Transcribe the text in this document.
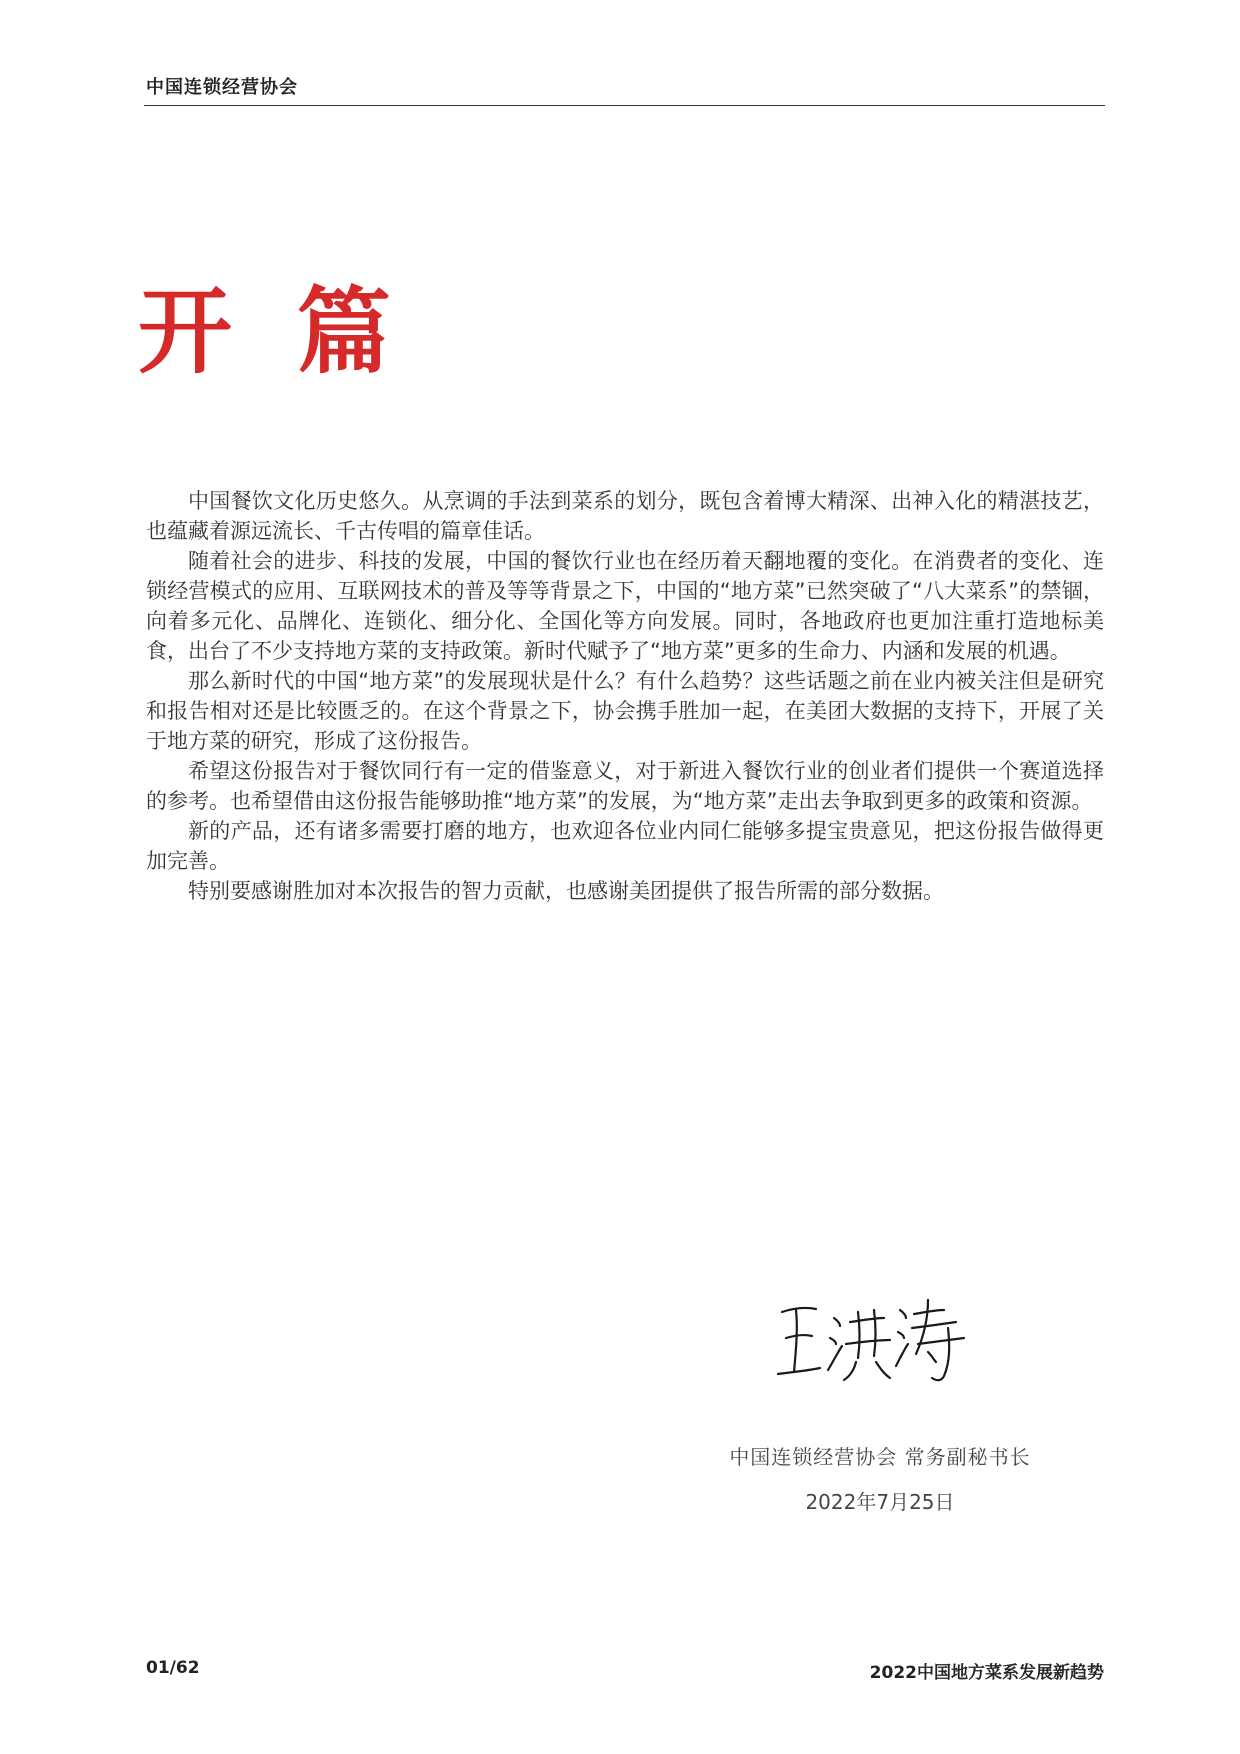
中国连锁经营协会
开 篇

中国餐饮文化历史悠久。从烹调的手法到菜系的划分，既包含着博大精深、出神入化的精湛技艺，也蕴藏着源远流长、千古传唱的篇章佳话。

随着社会的进步、科技的发展，中国的餐饮行业也在经历着天翻地覆的变化。在消费者的变化、连锁经营模式的应用、互联网技术的普及等等背景之下，中国的“地方菜”已然突破了“八大菜系”的禁锢，向着多元化、品牌化、连锁化、细分化、全国化等方向发展。同时，各地政府也更加注重打造地标美食，出台了不少支持地方菜的支持政策。新时代赋予了“地方菜”更多的生命力、内涵和发展的机遇。

那么新时代的中国“地方菜”的发展现状是什么？有什么趋势？这些话题之前在业内被关注但是研究和报告相对还是比较匮乏的。在这个背景之下，协会携手胜加一起，在美团大数据的支持下，开展了关于地方菜的研究，形成了这份报告。

希望这份报告对于餐饮同行有一定的借鉴意义，对于新进入餐饮行业的创业者们提供一个赛道选择的参考。也希望借由这份报告能够助推“地方菜”的发展，为“地方菜”走出去争取到更多的政策和资源。

新的产品，还有诸多需要打磨的地方，也欢迎各位业内同仁能够多提宝贵意见，把这份报告做得更加完善。

特别要感谢胜加对本次报告的智力贡献，也感谢美团提供了报告所需的部分数据。

中国连锁经营协会 常务副秘书长
2022年7月25日
01/62	2022中国地方菜系发展新趋势
